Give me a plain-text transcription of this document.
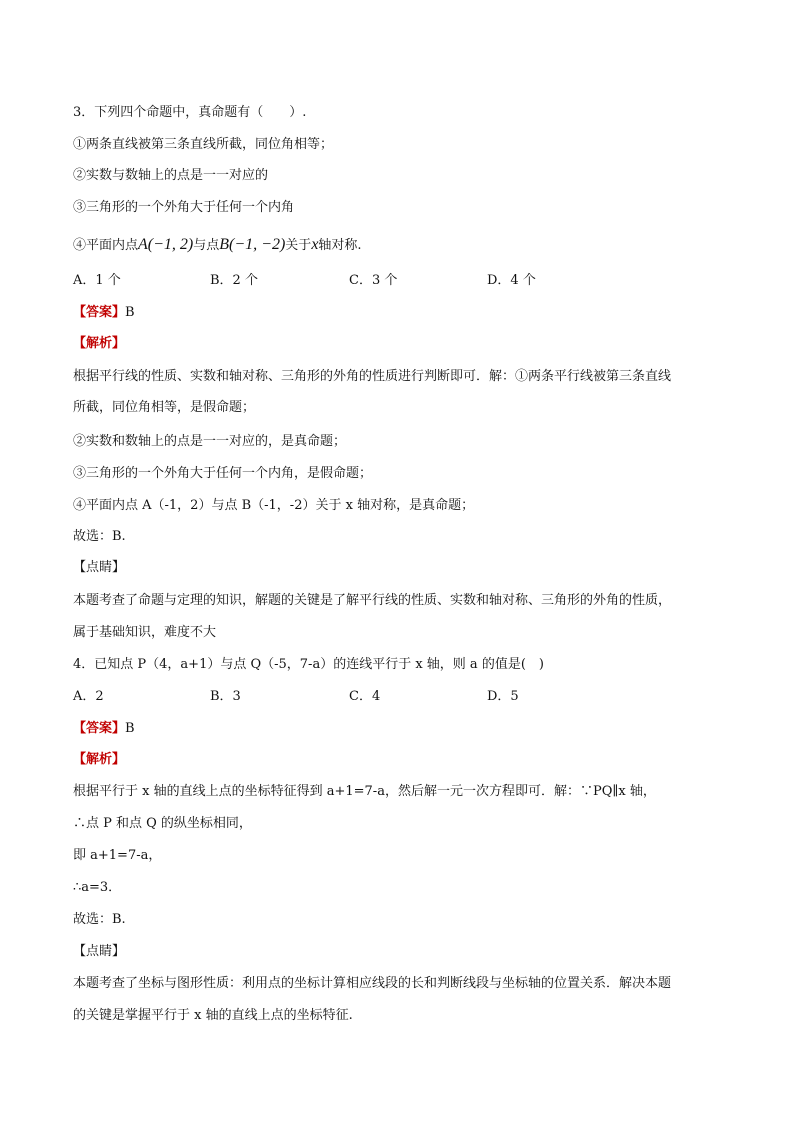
3．下列四个命题中，真命题有（　　）.
①两条直线被第三条直线所截，同位角相等；
②实数与数轴上的点是一一对应的
③三角形的一个外角大于任何一个内角
④平面内点A(−1, 2)与点B(−1, −2)关于x轴对称.
A．1 个	B．2 个	C．3 个	D．4 个
【答案】B
【解析】
根据平行线的性质、实数和轴对称、三角形的外角的性质进行判断即可．解：①两条平行线被第三条直线
所截，同位角相等，是假命题；
②实数和数轴上的点是一一对应的，是真命题；
③三角形的一个外角大于任何一个内角，是假命题；
④平面内点 A（-1，2）与点 B（-1，-2）关于 x 轴对称，是真命题；
故选：B.
【点睛】
本题考查了命题与定理的知识，解题的关键是了解平行线的性质、实数和轴对称、三角形的外角的性质，
属于基础知识，难度不大
4．已知点 P（4，a+1）与点 Q（-5，7-a）的连线平行于 x 轴，则 a 的值是(　)
A．2	B．3	C．4	D．5
【答案】B
【解析】
根据平行于 x 轴的直线上点的坐标特征得到 a+1=7-a，然后解一元一次方程即可．解：∵PQ∥x 轴，
∴点 P 和点 Q 的纵坐标相同，
即 a+1=7-a，
∴a=3．
故选：B.
【点睛】
本题考查了坐标与图形性质：利用点的坐标计算相应线段的长和判断线段与坐标轴的位置关系．解决本题
的关键是掌握平行于 x 轴的直线上点的坐标特征.
